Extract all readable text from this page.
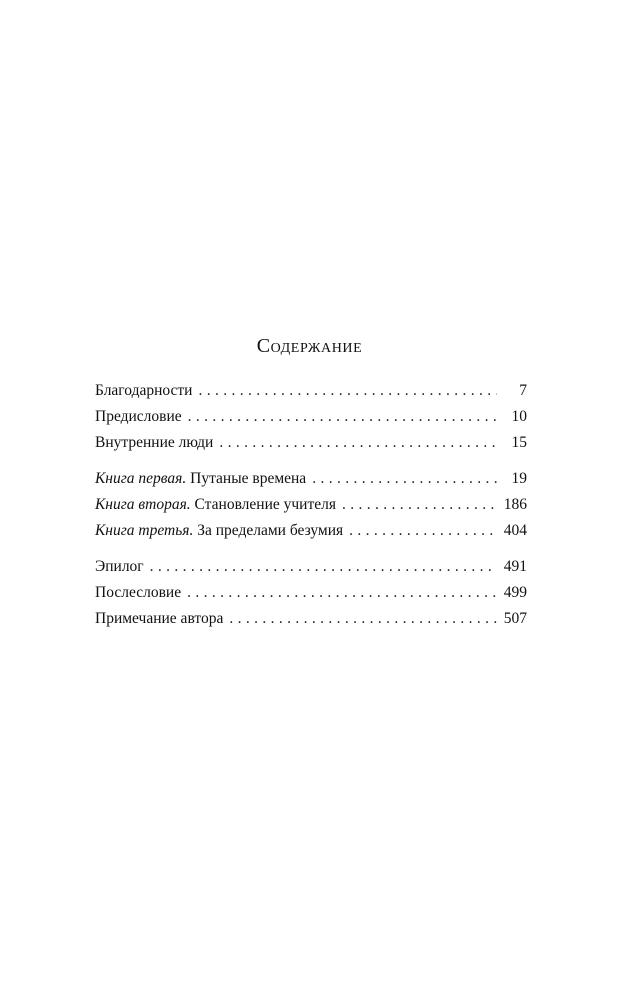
Содержание
Благодарности . . .	7
Предисловие . . .	10
Внутренние люди . . .	15
Книга первая. Путаные времена . . .	19
Книга вторая. Становление учителя . . .	186
Книга третья. За пределами безумия . . .	404
Эпилог . . .	491
Послесловие . . .	499
Примечание автора . . .	507
